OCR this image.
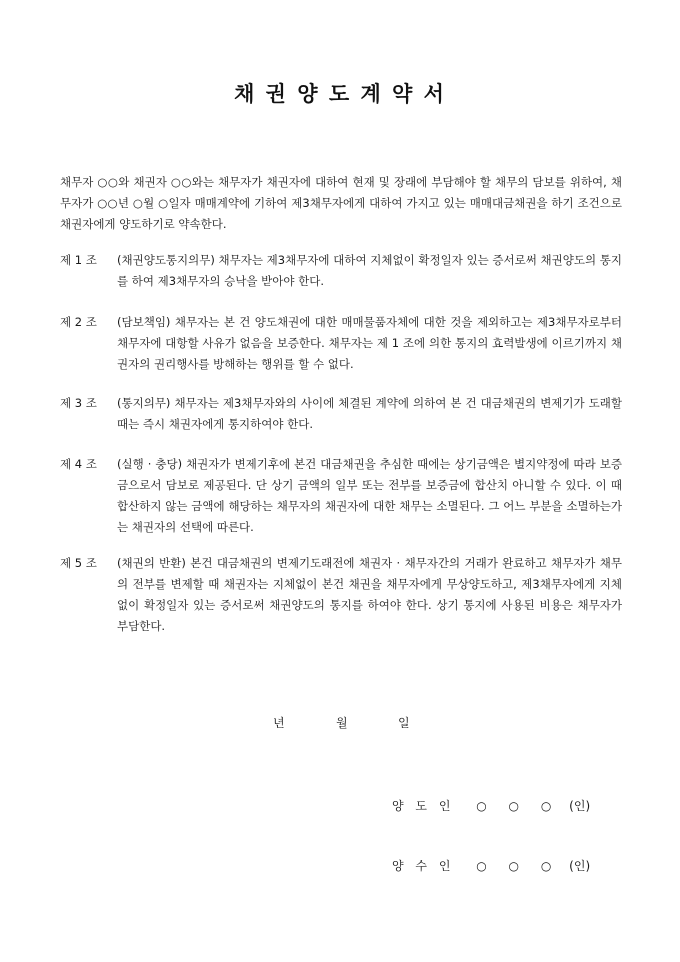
채 권 양 도 계 약 서

채무자 ○○와 채권자 ○○와는 채무자가 채권자에 대하여 현재 및 장래에 부담해야 할 채무의 담보를 위하여, 채무자가 ○○년 ○월 ○일자 매매계약에 기하여 제3채무자에게 대하여 가지고 있는 매매대금채권을 하기 조건으로 채권자에게 양도하기로 약속한다.

제 1 조	(채권양도통지의무) 채무자는 제3채무자에 대하여 지체없이 확정일자 있는 증서로써 채권양도의 통지를 하여 제3채무자의 승낙을 받아야 한다.
제 2 조	(담보책임) 채무자는 본 건 양도채권에 대한 매매물품자체에 대한 것을 제외하고는 제3채무자로부터 채무자에 대항할 사유가 없음을 보증한다. 채무자는 제 1 조에 의한 통지의 효력발생에 이르기까지 채권자의 권리행사를 방해하는 행위를 할 수 없다.
제 3 조	(통지의무) 채무자는 제3채무자와의 사이에 체결된 계약에 의하여 본 건 대금채권의 변제기가 도래할 때는 즉시 채권자에게 통지하여야 한다.
제 4 조	(실행 · 충당) 채권자가 변제기후에 본건 대금채권을 추심한 때에는 상기금액은 별지약정에 따라 보증금으로서 담보로 제공된다. 단 상기 금액의 일부 또는 전부를 보증금에 합산치 아니할 수 있다. 이 때 합산하지 않는 금액에 해당하는 채무자의 채권자에 대한 채무는 소멸된다. 그 어느 부분을 소멸하는가는 채권자의 선택에 따른다.
제 5 조	(채권의 반환) 본건 대금채권의 변제기도래전에 채권자 · 채무자간의 거래가 완료하고 채무자가 채무의 전부를 변제할 때 채권자는 지체없이 본건 채권을 채무자에게 무상양도하고, 제3채무자에게 지체없이 확정일자 있는 증서로써 채권양도의 통지를 하여야 한다. 상기 통지에 사용된 비용은 채무자가 부담한다.
년	월	일
양 도 인 ○ ○ ○ (인)
양 수 인 ○ ○ ○ (인)
